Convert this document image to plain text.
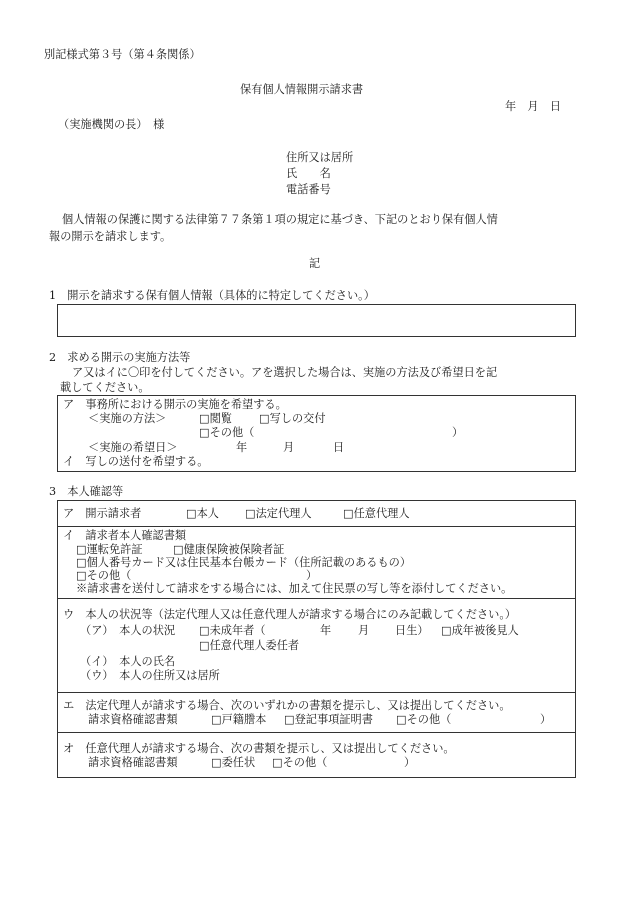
別記様式第３号（第４条関係）
保有個人情報開示請求書
年　月　日
（実施機関の長）　様
住所又は居所
氏　　名
電話番号
個人情報の保護に関する法律第７７条第１項の規定に基づき、下記のとおり保有個人情
報の開示を請求します。
記
1　開示を請求する保有個人情報（具体的に特定してください。）
2　求める開示の実施方法等
ア又はイに〇印を付してください。アを選択した場合は、実施の方法及び希望日を記
載してください。
ア　事務所における開示の実施を希望する。
＜実施の方法＞	□閲覧 □写しの交付
□その他（	）
＜実施の希望日＞	年	月	日
イ　写しの送付を希望する。
3　本人確認等
ア　開示請求者	□本人 □法定代理人	□任意代理人
イ　請求者本人確認書類
□運転免許証	□健康保険被保険者証
□個人番号カード又は住民基本台帳カード（住所記載のあるもの）
□その他（	）
※請求書を送付して請求をする場合には、加えて住民票の写し等を添付してください。
ウ　本人の状況等（法定代理人又は任意代理人が請求する場合にのみ記載してください。）
（ア）　本人の状況 □未成年者（	年 月 日生） □成年被後見人
□任意代理人委任者
（イ）　本人の氏名
（ウ）　本人の住所又は居所
エ　法定代理人が請求する場合、次のいずれかの書類を提示し、又は提出してください。
請求資格確認書類	□戸籍謄本 □登記事項証明書 □その他（	）
オ　任意代理人が請求する場合、次の書類を提示し、又は提出してください。
請求資格確認書類	□委任状 □その他（	）
